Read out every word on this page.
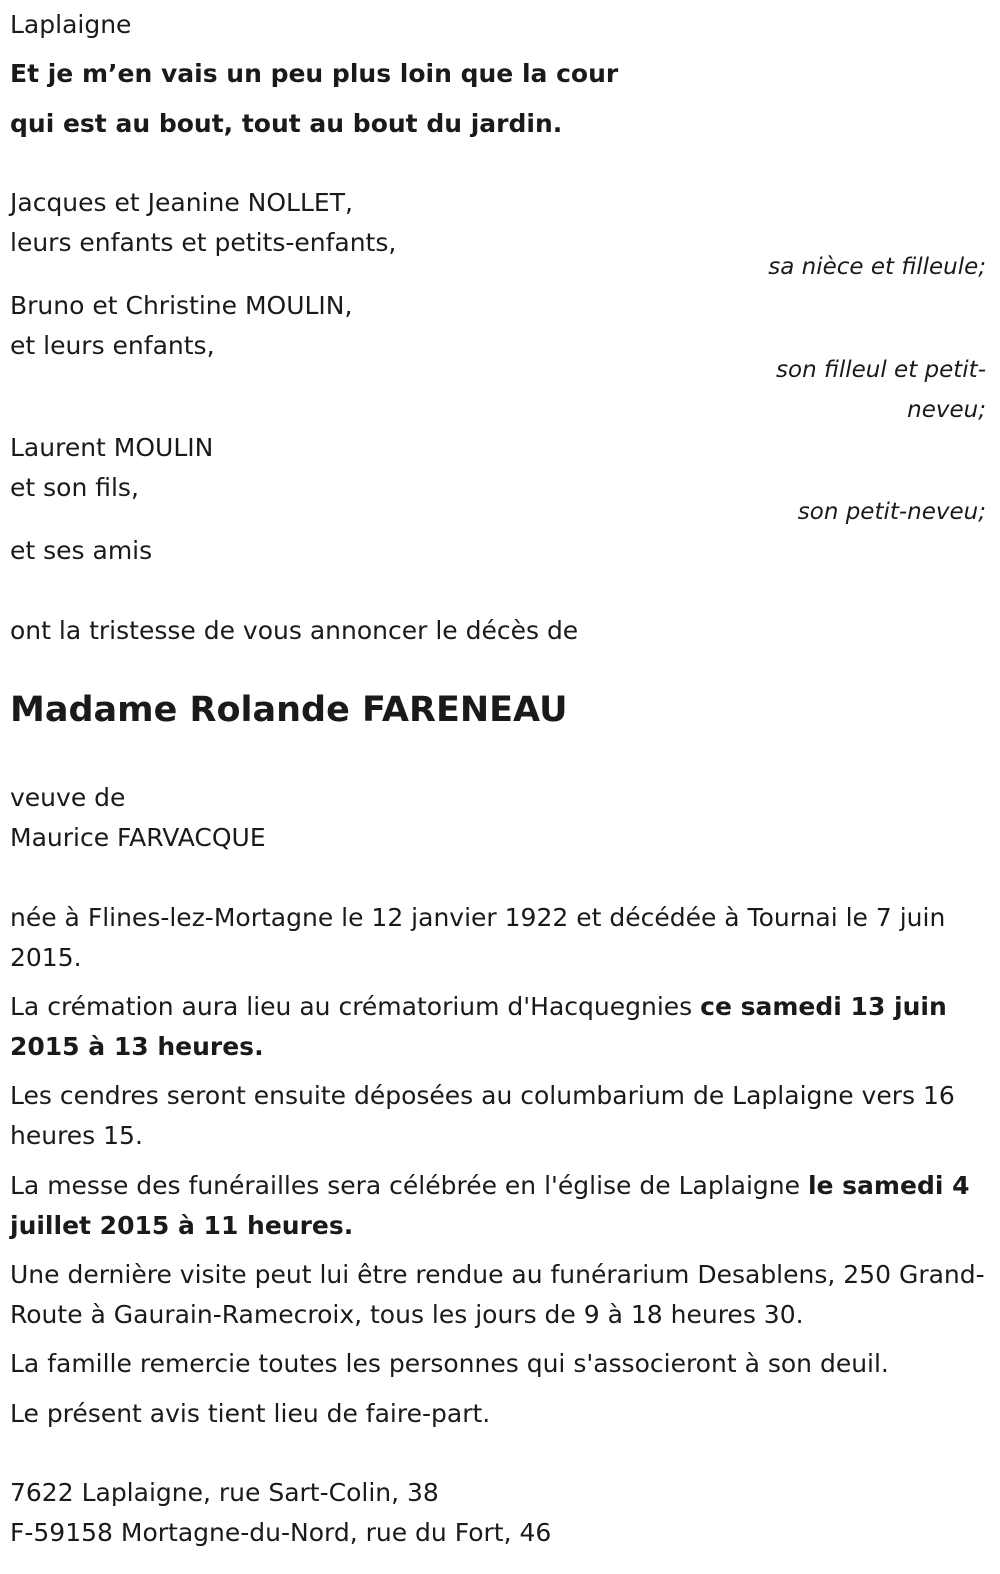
Laplaigne

Et je m’en vais un peu plus loin que la cour

qui est au bout, tout au bout du jardin.

Jacques et Jeanine NOLLET,

leurs enfants et petits-enfants,

sa nièce et filleule;

Bruno et Christine MOULIN,

et leurs enfants,

son filleul et petit-

neveu;

Laurent MOULIN

et son fils,

son petit-neveu;

et ses amis

ont la tristesse de vous annoncer le décès de

Madame Rolande FARENEAU

veuve de

Maurice FARVACQUE

née à Flines-lez-Mortagne le 12 janvier 1922 et décédée à Tournai le 7 juin 2015.

La crémation aura lieu au crématorium d'Hacquegnies ce samedi 13 juin 2015 à 13 heures.

Les cendres seront ensuite déposées au columbarium de Laplaigne vers 16 heures 15.

La messe des funérailles sera célébrée en l'église de Laplaigne le samedi 4 juillet 2015 à 11 heures.

Une dernière visite peut lui être rendue au funérarium Desablens, 250 Grand-Route à Gaurain-Ramecroix, tous les jours de 9 à 18 heures 30.

La famille remercie toutes les personnes qui s'associeront à son deuil.

Le présent avis tient lieu de faire-part.

7622 Laplaigne, rue Sart-Colin, 38

F-59158 Mortagne-du-Nord, rue du Fort, 46
